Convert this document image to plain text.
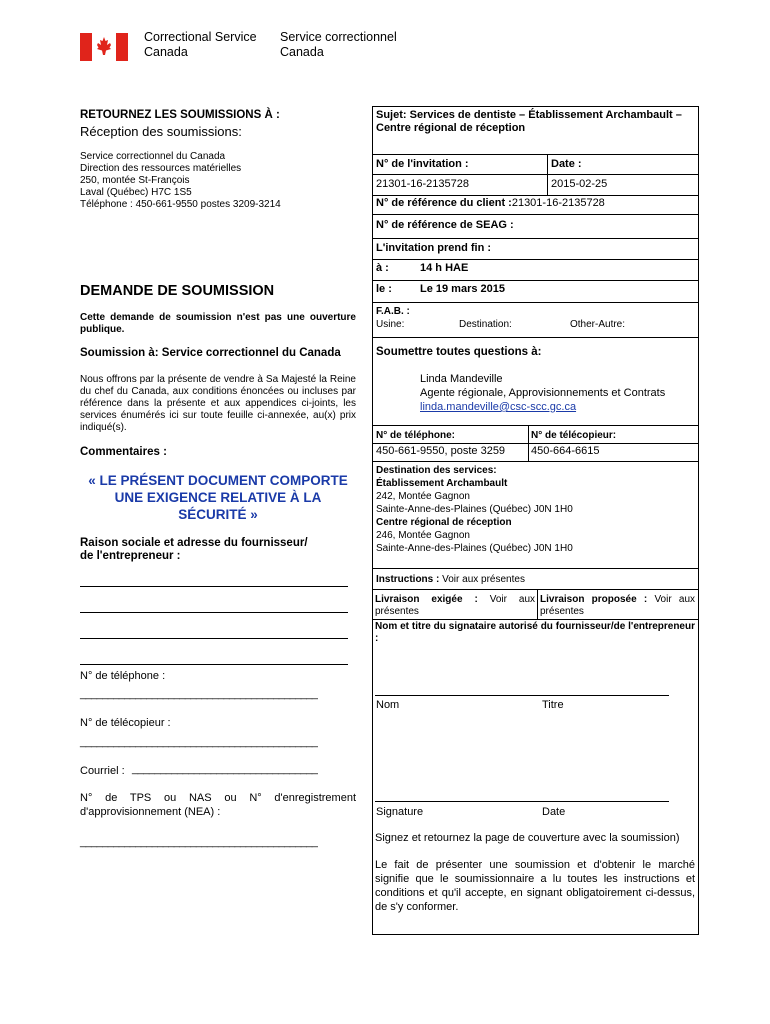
Correctional Service
Canada
Service correctionnel
Canada
RETOURNEZ LES SOUMISSIONS À :
Réception des soumissions:
Service correctionnel du Canada
Direction des ressources matérielles
250, montée St-François
Laval (Québec) H7C 1S5
Téléphone : 450-661-9550 postes 3209-3214
DEMANDE DE SOUMISSION
Cette demande de soumission n'est pas une ouverture publique.
Soumission à: Service correctionnel du Canada
Nous offrons par la présente de vendre à Sa Majesté la Reine du chef du Canada, aux conditions énoncées ou incluses par référence dans la présente et aux appendices ci-joints, les services énumérés ici sur toute feuille ci-annexée, au(x) prix indiqué(s).
Commentaires :
« LE PRÉSENT DOCUMENT COMPORTE UNE EXIGENCE RELATIVE À LA SÉCURITÉ »
Raison sociale et adresse du fournisseur/ de l'entrepreneur :
N° de téléphone :
___________________________________________
N° de télécopieur :
___________________________________________
Courriel : _________________________________
N° de TPS ou NAS ou N° d'enregistrement d'approvisionnement (NEA) :
___________________________________________
Sujet: Services de dentiste – Établissement Archambault – Centre régional de réception
N° de l'invitation :	Date :
21301-16-2135728	2015-02-25
N° de référence du client :21301-16-2135728
N° de référence de SEAG :
L'invitation prend fin :
à :	14 h HAE
le :	Le 19 mars 2015
F.A.B. :
Usine:	Destination:	Other-Autre:
Soumettre toutes questions à:
Linda Mandeville
Agente régionale, Approvisionnements et Contrats
linda.mandeville@csc-scc.gc.ca
N° de téléphone:	N° de télécopieur:
450-661-9550, poste 3259 450-664-6615
Destination des services:
Établissement Archambault
242, Montée Gagnon
Sainte-Anne-des-Plaines (Québec) J0N 1H0
Centre régional de réception
246, Montée Gagnon
Sainte-Anne-des-Plaines (Québec) J0N 1H0
Instructions : Voir aux présentes
Livraison exigée : Voir aux présentes
Livraison proposée : Voir aux présentes
Nom et titre du signataire autorisé du fournisseur/de l'entrepreneur :
Nom	Titre
Signature	Date
Signez et retournez la page de couverture avec la soumission)
Le fait de présenter une soumission et d'obtenir le marché signifie que le soumissionnaire a lu toutes les instructions et conditions et qu'il accepte, en signant obligatoirement ci-dessus, de s'y conformer.
